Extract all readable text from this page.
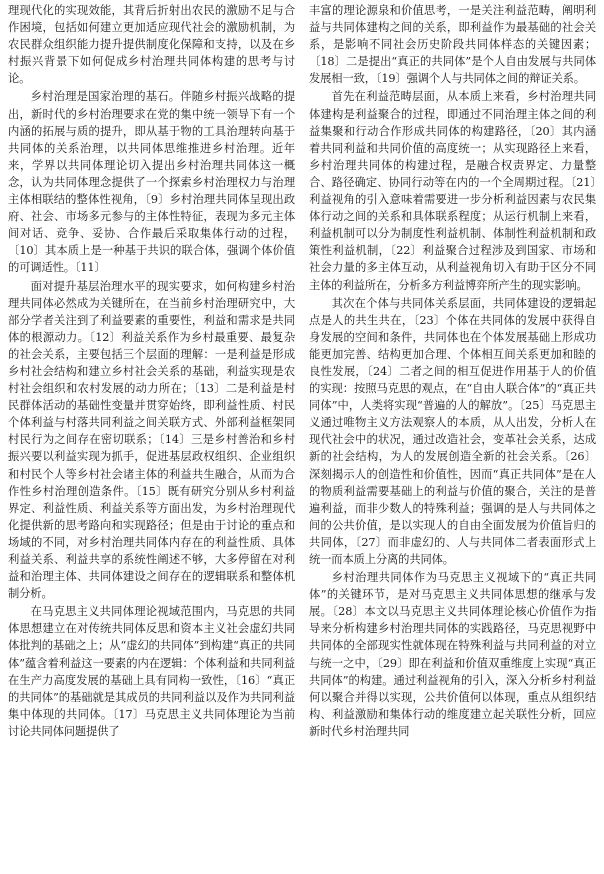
理现代化的实现效能，其背后折射出农民的激励不足与合作困境，包括如何建立更加适应现代社会的激励机制，为农民群众组织能力提升提供制度化保障和支持，以及在乡村振兴背景下如何促成乡村治理共同体构建的思考与讨论。

乡村治理是国家治理的基石。伴随乡村振兴战略的提出，新时代的乡村治理要求在党的集中统一领导下有一个内涵的拓展与质的提升，即从基于物的工具治理转向基于共同体的关系治理，以共同体思维推进乡村治理。近年来，学界以共同体理论切入提出乡村治理共同体这一概念，认为共同体理念提供了一个探索乡村治理权力与治理主体相联结的整体性视角，〔9〕乡村治理共同体呈现出政府、社会、市场多元参与的主体性特征，表现为多元主体间对话、竞争、妥协、合作最后采取集体行动的过程，〔10〕其本质上是一种基于共识的联合体，强调个体价值的可调适性。〔11〕

面对提升基层治理水平的现实要求，如何构建乡村治理共同体必然成为关键所在，在当前乡村治理研究中，大部分学者关注到了利益要素的重要性，利益和需求是共同体的根源动力。〔12〕利益关系作为乡村最重要、最复杂的社会关系，主要包括三个层面的理解：一是利益是形成乡村社会结构和建立乡村社会关系的基础，利益实现是农村社会组织和农村发展的动力所在；〔13〕二是利益是村民群体活动的基础性变量并贯穿始终，即利益性质、村民个体利益与村落共同利益之间关联方式、外部利益框架同村民行为之间存在密切联系；〔14〕三是乡村善治和乡村振兴要以利益实现为抓手，促进基层政权组织、企业组织和村民个人等乡村社会诸主体的利益共生融合，从而为合作性乡村治理创造条件。〔15〕既有研究分别从乡村利益界定、利益性质、利益关系等方面出发，为乡村治理现代化提供新的思考路向和实现路径；但是由于讨论的重点和场域的不同，对乡村治理共同体内存在的利益性质、具体利益关系、利益共享的系统性阐述不够，大多停留在对利益和治理主体、共同体建设之间存在的逻辑联系和整体机制分析。

在马克思主义共同体理论视域范围内，马克思的共同体思想建立在对传统共同体反思和资本主义社会虚幻共同体批判的基础之上；从“虚幻的共同体”到构建“真正的共同体”蕴含着利益这一要素的内在逻辑：个体利益和共同利益在生产力高度发展的基础上具有同构一致性，〔16〕“真正的共同体”的基础就是其成员的共同利益以及作为共同利益集中体现的共同体。〔17〕马克思主义共同体理论为当前讨论共同体问题提供了

丰富的理论源泉和价值思考，一是关注利益范畴，阐明利益与共同体建构之间的关系，即利益作为最基础的社会关系，是影响不同社会历史阶段共同体样态的关键因素；〔18〕二是提出“真正的共同体”是个人自由发展与共同体发展相一致，〔19〕强调个人与共同体之间的辩证关系。

首先在利益范畴层面，从本质上来看，乡村治理共同体建构是利益聚合的过程，即通过不同治理主体之间的利益集聚和行动合作形成共同体的构建路径，〔20〕其内涵着共同利益和共同价值的高度统一；从实现路径上来看，乡村治理共同体的构建过程，是融合权责界定、力量整合、路径确定、协同行动等在内的一个全周期过程。〔21〕利益视角的引入意味着需要进一步分析利益因素与农民集体行动之间的关系和具体联系程度；从运行机制上来看，利益机制可以分为制度性利益机制、体制性利益机制和政策性利益机制，〔22〕利益聚合过程涉及到国家、市场和社会力量的多主体互动，从利益视角切入有助于区分不同主体的利益所在，分析多方利益博弈所产生的现实影响。

其次在个体与共同体关系层面，共同体建设的逻辑起点是人的共生共在，〔23〕个体在共同体的发展中获得自身发展的空间和条件，共同体也在个体发展基础上形成功能更加完善、结构更加合理、个体相互间关系更加和睦的良性发展，〔24〕二者之间的相互促进作用基于人的价值的实现：按照马克思的观点，在“自由人联合体”的“真正共同体”中，人类将实现“普遍的人的解放”。〔25〕马克思主义通过唯物主义方法观察人的本质，从人出发，分析人在现代社会中的状况，通过改造社会，变革社会关系，达成新的社会结构，为人的发展创造全新的社会关系。〔26〕深刻揭示人的创造性和价值性，因而“真正共同体”是在人的物质利益需要基础上的利益与价值的聚合，关注的是普遍利益，而非少数人的特殊利益；强调的是人与共同体之间的公共价值，是以实现人的自由全面发展为价值旨归的共同体，〔27〕而非虚幻的、人与共同体二者表面形式上统一而本质上分离的共同体。

乡村治理共同体作为马克思主义视域下的“真正共同体”的关键环节，是对马克思主义共同体思想的继承与发展。〔28〕本文以马克思主义共同体理论核心价值作为指导来分析构建乡村治理共同体的实践路径，马克思视野中共同体的全部现实性就体现在特殊利益与共同利益的对立与统一之中，〔29〕即在利益和价值双重维度上实现“真正共同体”的构建。通过利益视角的引入，深入分析乡村利益何以聚合并得以实现，公共价值何以体现，重点从组织结构、利益激励和集体行动的维度建立起关联性分析，回应新时代乡村治理共同
